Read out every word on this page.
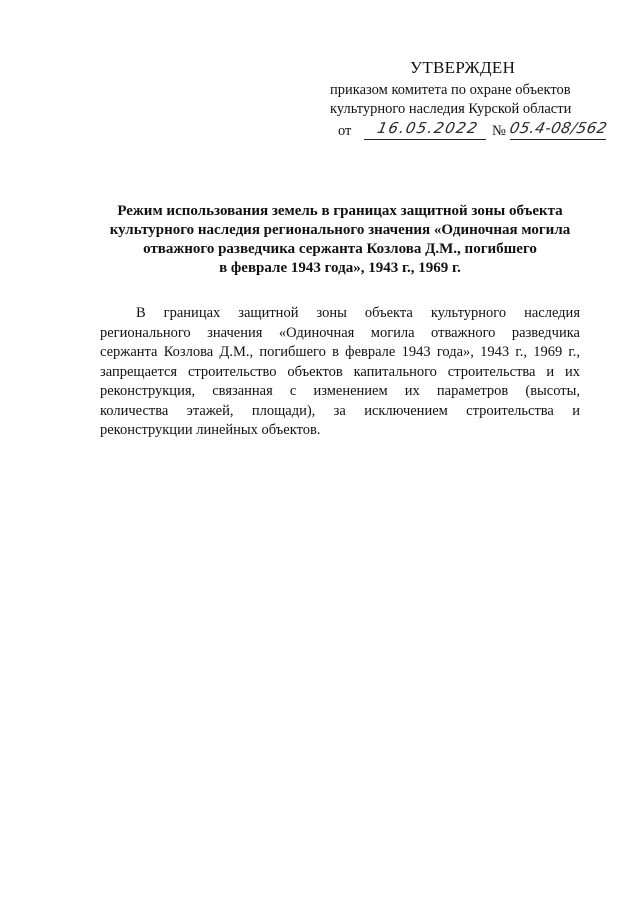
УТВЕРЖДЕН
приказом комитета по охране объектов
культурного наследия Курской области
от	16.05.2022 № 05.4-08/562
Режим использования земель в границах защитной зоны объекта
культурного наследия регионального значения «Одиночная могила
отважного разведчика сержанта Козлова Д.М., погибшего
в феврале 1943 года», 1943 г., 1969 г.
В границах защитной зоны объекта культурного наследия
регионального значения «Одиночная могила отважного разведчика
сержанта Козлова Д.М., погибшего в феврале 1943 года», 1943 г., 1969 г.,
запрещается строительство объектов капитального строительства и их
реконструкция, связанная с изменением их параметров (высоты,
количества этажей, площади), за исключением строительства и
реконструкции линейных объектов.
